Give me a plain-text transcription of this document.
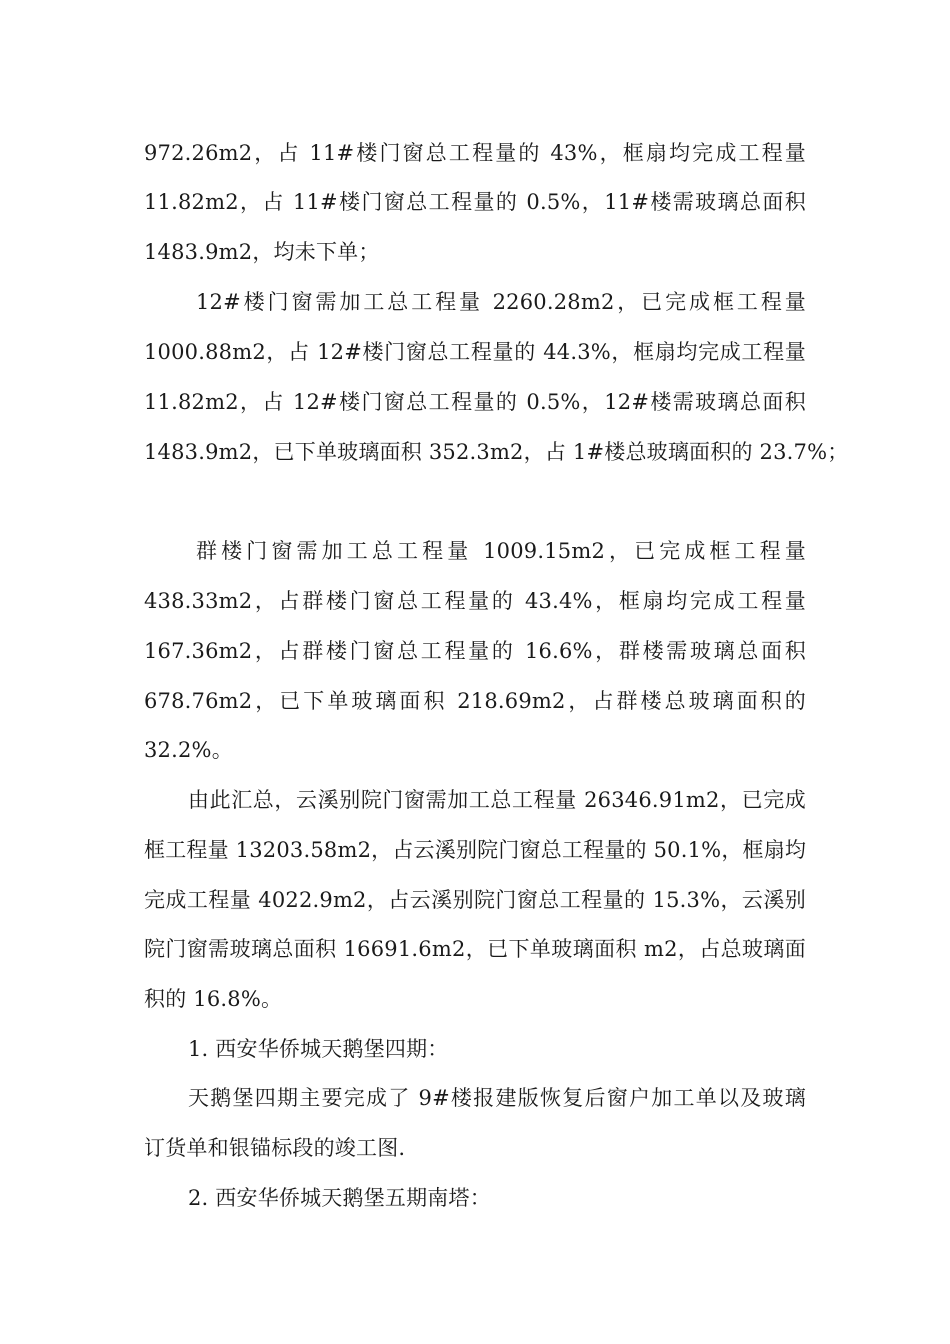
972.26m2，占 11#楼门窗总工程量的 43%，框扇均完成工程量
11.82m2，占 11#楼门窗总工程量的 0.5%，11#楼需玻璃总面积
1483.9m2，均未下单；
12#楼门窗需加工总工程量 2260.28m2，已完成框工程量
1000.88m2，占 12#楼门窗总工程量的 44.3%，框扇均完成工程量
11.82m2，占 12#楼门窗总工程量的 0.5%，12#楼需玻璃总面积
1483.9m2，已下单玻璃面积 352.3m2，占 1#楼总玻璃面积的 23.7%；
群楼门窗需加工总工程量 1009.15m2，已完成框工程量
438.33m2，占群楼门窗总工程量的 43.4%，框扇均完成工程量
167.36m2，占群楼门窗总工程量的 16.6%，群楼需玻璃总面积
678.76m2，已下单玻璃面积 218.69m2，占群楼总玻璃面积的
32.2%。
由此汇总，云溪别院门窗需加工总工程量 26346.91m2，已完成
框工程量 13203.58m2，占云溪别院门窗总工程量的 50.1%，框扇均
完成工程量 4022.9m2，占云溪别院门窗总工程量的 15.3%，云溪别
院门窗需玻璃总面积 16691.6m2，已下单玻璃面积 m2，占总玻璃面
积的 16.8%。
1. 西安华侨城天鹅堡四期：
天鹅堡四期主要完成了 9#楼报建版恢复后窗户加工单以及玻璃
订货单和银锚标段的竣工图.
2. 西安华侨城天鹅堡五期南塔：
